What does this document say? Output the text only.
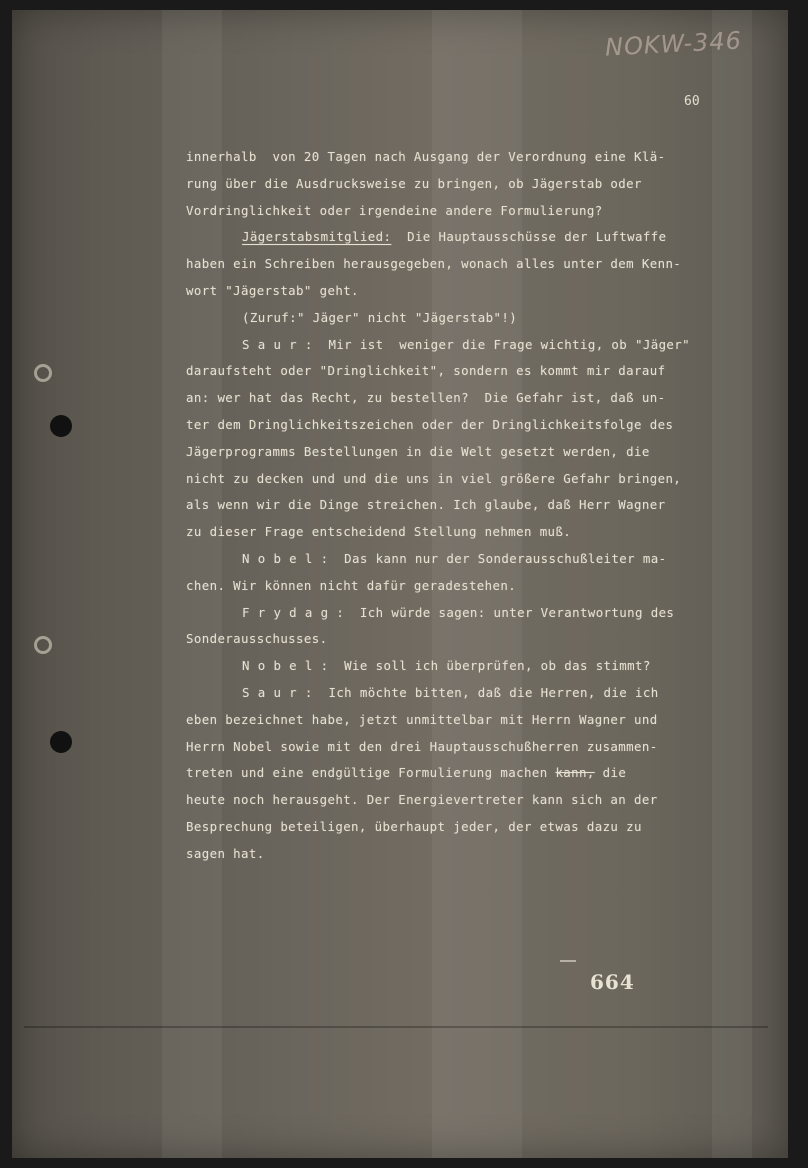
NOKW-346
60
innerhalb  von 20 Tagen nach Ausgang der Verordnung eine Klä-
rung über die Ausdrucksweise zu bringen, ob Jägerstab oder
Vordringlichkeit oder irgendeine andere Formulierung?
Jägerstabsmitglied: Die Hauptausschüsse der Luftwaffe
haben ein Schreiben herausgegeben, wonach alles unter dem Kenn-
wort "Jägerstab" geht.
(Zuruf:" Jäger" nicht "Jägerstab"!)
S a u r :  Mir ist  weniger die Frage wichtig, ob "Jäger"
daraufsteht oder "Dringlichkeit", sondern es kommt mir darauf
an: wer hat das Recht, zu bestellen?  Die Gefahr ist, daß un-
ter dem Dringlichkeitszeichen oder der Dringlichkeitsfolge des
Jägerprogramms Bestellungen in die Welt gesetzt werden, die
nicht zu decken und und die uns in viel größere Gefahr bringen,
als wenn wir die Dinge streichen. Ich glaube, daß Herr Wagner
zu dieser Frage entscheidend Stellung nehmen muß.
N o b e l :  Das kann nur der Sonderausschußleiter ma-
chen. Wir können nicht dafür geradestehen.
F r y d a g :  Ich würde sagen: unter Verantwortung des
Sonderausschusses.
N o b e l :  Wie soll ich überprüfen, ob das stimmt?
S a u r :  Ich möchte bitten, daß die Herren, die ich
eben bezeichnet habe, jetzt unmittelbar mit Herrn Wagner und
Herrn Nobel sowie mit den drei Hauptausschußherren zusammen-
treten und eine endgültige Formulierung machen kann, die
heute noch herausgeht. Der Energievertreter kann sich an der
Besprechung beteiligen, überhaupt jeder, der etwas dazu zu
sagen hat.
664
